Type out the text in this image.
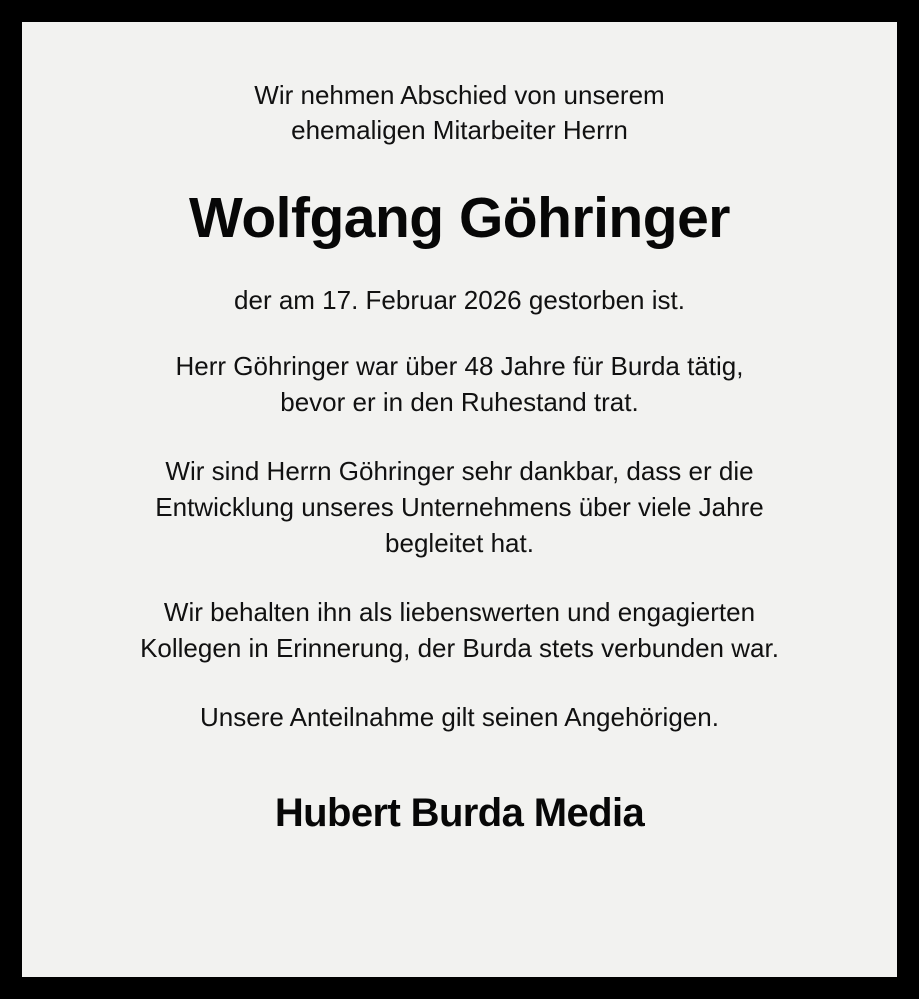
Wir nehmen Abschied von unserem
ehemaligen Mitarbeiter Herrn
Wolfgang Göhringer
der am 17. Februar 2026 gestorben ist.
Herr Göhringer war über 48 Jahre für Burda tätig,
bevor er in den Ruhestand trat.
Wir sind Herrn Göhringer sehr dankbar, dass er die
Entwicklung unseres Unternehmens über viele Jahre
begleitet hat.
Wir behalten ihn als liebenswerten und engagierten
Kollegen in Erinnerung, der Burda stets verbunden war.
Unsere Anteilnahme gilt seinen Angehörigen.
Hubert Burda Media
